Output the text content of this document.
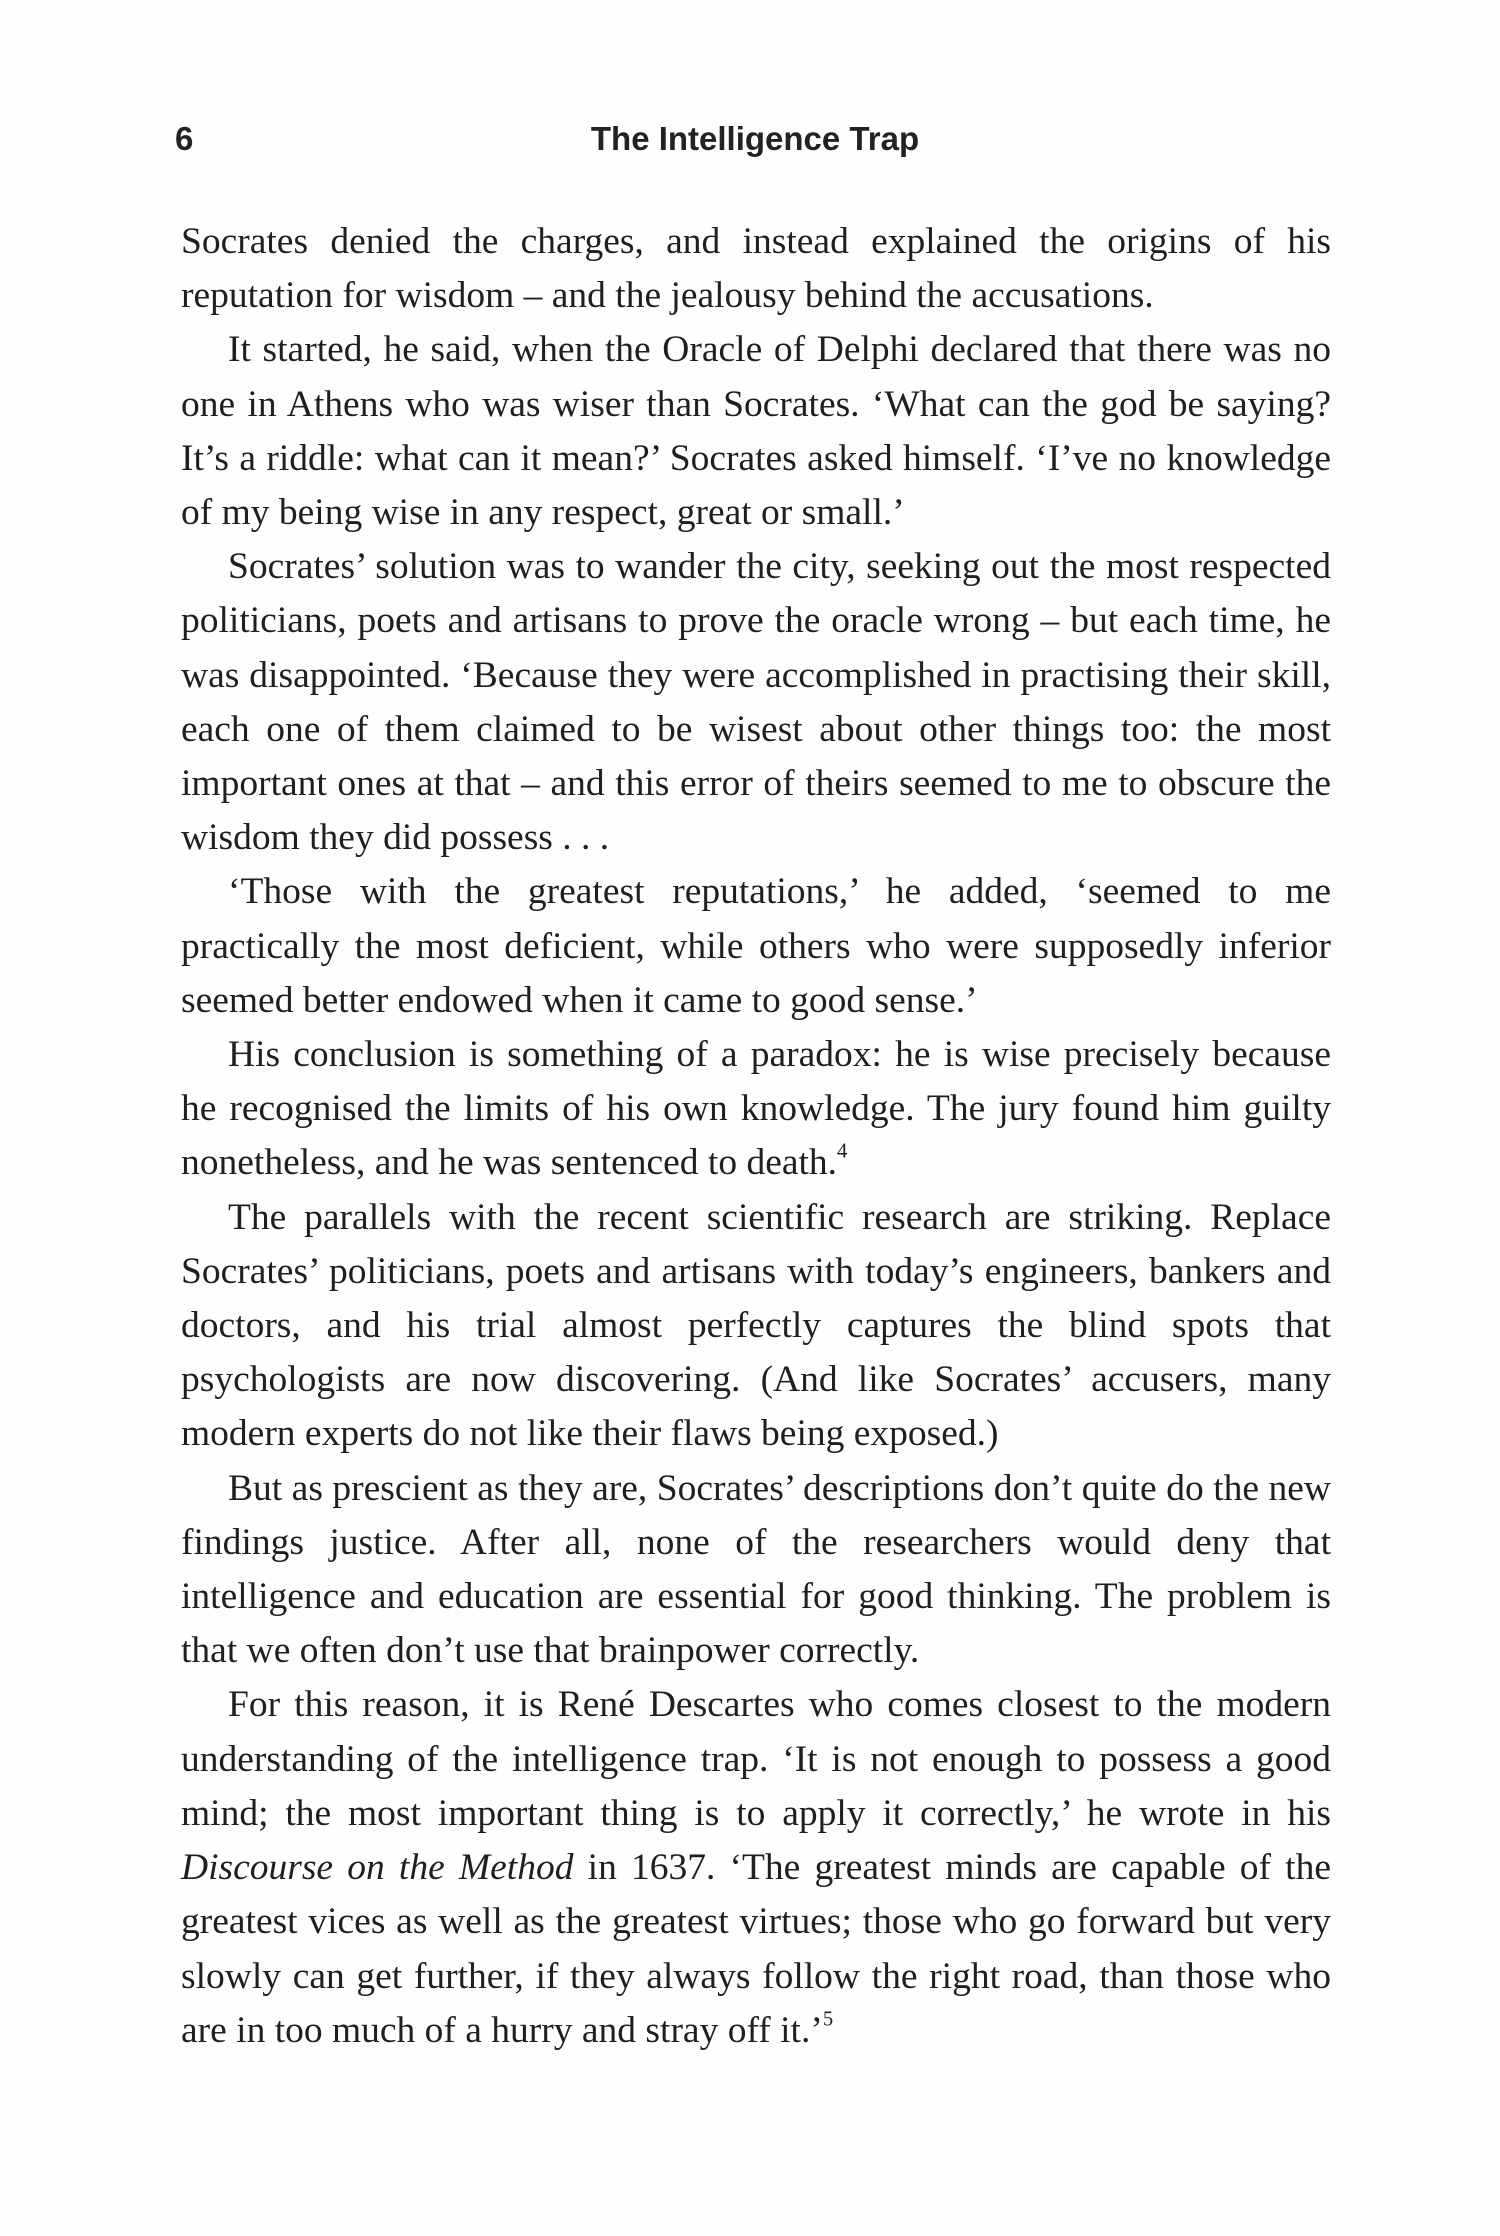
6	The Intelligence Trap

Socrates denied the charges, and instead explained the origins of his reputation for wisdom – and the jealousy behind the accusations.

It started, he said, when the Oracle of Delphi declared that there was no one in Athens who was wiser than Socrates. ‘What can the god be saying? It’s a riddle: what can it mean?’ Socrates asked himself. ‘I’ve no knowledge of my being wise in any respect, great or small.’

Socrates’ solution was to wander the city, seeking out the most respected politicians, poets and artisans to prove the oracle wrong – but each time, he was disappointed. ‘Because they were accomplished in practising their skill, each one of them claimed to be wisest about other things too: the most important ones at that – and this error of theirs seemed to me to obscure the wisdom they did possess . . .

‘Those with the greatest reputations,’ he added, ‘seemed to me practically the most deficient, while others who were supposedly inferior seemed better endowed when it came to good sense.’

His conclusion is something of a paradox: he is wise precisely because he recognised the limits of his own knowledge. The jury found him guilty nonetheless, and he was sentenced to death.$^4$

The parallels with the recent scientific research are striking. Replace Socrates’ politicians, poets and artisans with today’s engineers, bankers and doctors, and his trial almost perfectly captures the blind spots that psychologists are now discovering. (And like Socrates’ accusers, many modern experts do not like their flaws being exposed.)

But as prescient as they are, Socrates’ descriptions don’t quite do the new findings justice. After all, none of the researchers would deny that intelligence and education are essential for good thinking. The problem is that we often don’t use that brainpower correctly.

For this reason, it is René Descartes who comes closest to the modern understanding of the intelligence trap. ‘It is not enough to possess a good mind; the most important thing is to apply it correctly,’ he wrote in his Discourse on the Method in 1637. ‘The greatest minds are capable of the greatest vices as well as the greatest virtues; those who go forward but very slowly can get further, if they always follow the right road, than those who are in too much of a hurry and stray off it.’$^5$
